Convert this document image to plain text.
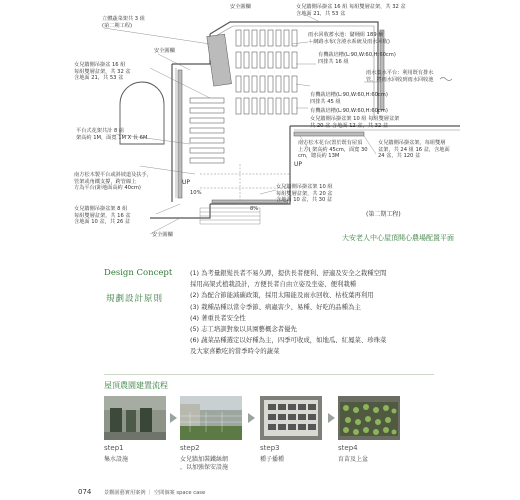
安全圍欄	女兒牆側吊掛盆 16 組 每組雙層盆架，共 32 盆
含地面 21，共 53 盆
立體蔬菜架共 3 組
(第二期工程)
安全圍欄
女兒牆側吊掛盆 16 組
每組雙層盆架，共 32 盆
含地面 21，共 53 盆
雨水回收蓄水池：儲桶組 189 桶
＋網路水布(含澆水系統及雨水回收)
有機栽培槽(L:90,W:60,H:60cm)
四排共 16 組
雨水集水平台：利用既有排水
管，將雨水回收到雨水回收池
有機栽培槽(L:90,W:60,H:60cm)
四排共 45 組
有機栽培槽(L:90,W:60,H:60cm)
女兒牆側吊掛盆架 10 組 每組雙層盆架
共 20 盆 含地面 12 盆，共 32 盆
平台式花架共計 8 組
架高約 1M，面寬 1M X 長 6M
南方松木花台(置於既有屋頂
上方) 架高約 45cm，面寬 30
cm，總長約 13M
女兒牆側吊掛盆架，每組雙層
盆架，共 24 組 16 盆，含地面
24 盆，共 120 盆
南方松木製平台或斜坡道及扶手，
管架或角鐵支撐，跨管線上
方為平台(距地面高約 40cm)
女兒牆側吊掛盆架 8 組
每組雙層盆架，共 16 盆
含地面 10 盆，共 26 盆
女兒牆側吊掛盆架 10 組
每組雙層盆架，共 20 盆
含地面 10 盆，共 30 盆
安全圍欄
(第二期工程)
UP
UP
10%
8%
大安老人中心屋頂開心農場配置平面
Design Concept
規劃設計原則
(1) 為考量銀髮長者不易久蹲，提供長者便利、舒適及安全之栽種空間
採用高架式植栽設計，方便長者自由立姿及坐姿、便利栽種
(2) 為配合節能減碳政策，採用太陽能及雨水回收、枯枝葉再利用
(3) 栽種品種以當令季節、病蟲害少、易種、好吃的品種為主
(4) 著重長者安全性
(5) 志工培訓對象以具園藝概念者優先
(6) 蔬菜品種選定以好種為主，四季可收成，如地瓜、紅鳳菜、珍珠菜
及大家喜歡吃的當季時令的蔬菜
屋頂農園建置流程
step1
集水設施
step2
女兒牆加裝鐵絲網
，以加強保安設施
step3
種子播種
step4
育苗及上盆
074 景觀園藝實用案例 ｜ 空間個案 space case
